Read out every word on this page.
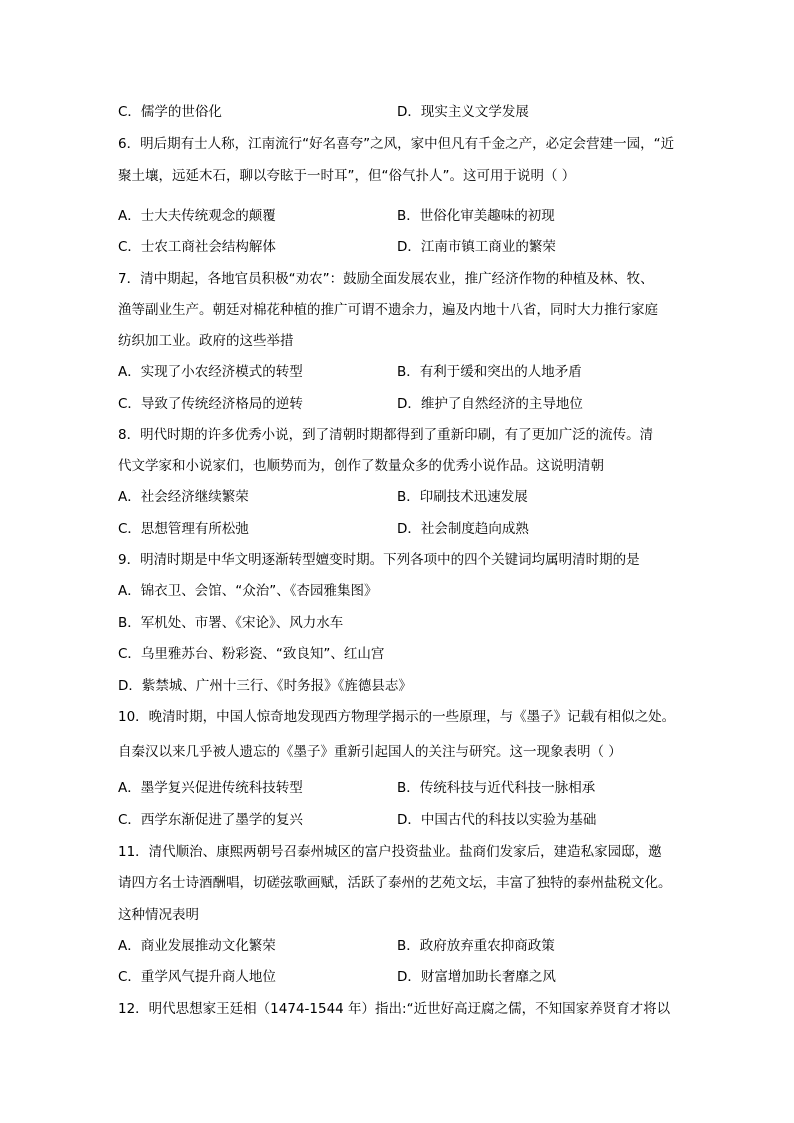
C．儒学的世俗化	D．现实主义文学发展
6．明后期有士人称，江南流行“好名喜夸”之风，家中但凡有千金之产，必定会营建一园，“近
聚土壤，远延木石，聊以夸眩于一时耳”，但“俗气扑人”。这可用于说明（ ）
A．士大夫传统观念的颠覆	B．世俗化审美趣味的初现
C．士农工商社会结构解体	D．江南市镇工商业的繁荣
7．清中期起，各地官员积极“劝农”：鼓励全面发展农业，推广经济作物的种植及林、牧、
渔等副业生产。朝廷对棉花种植的推广可谓不遗余力，遍及内地十八省，同时大力推行家庭
纺织加工业。政府的这些举措
A．实现了小农经济模式的转型	B．有利于缓和突出的人地矛盾
C．导致了传统经济格局的逆转	D．维护了自然经济的主导地位
8．明代时期的许多优秀小说，到了清朝时期都得到了重新印刷，有了更加广泛的流传。清
代文学家和小说家们，也顺势而为，创作了数量众多的优秀小说作品。这说明清朝
A．社会经济继续繁荣	B．印刷技术迅速发展
C．思想管理有所松弛	D．社会制度趋向成熟
9．明清时期是中华文明逐渐转型嬗变时期。下列各项中的四个关键词均属明清时期的是
A．锦衣卫、会馆、“众治”、《杏园雅集图》
B．军机处、市署、《宋论》、风力水车
C．乌里雅苏台、粉彩瓷、“致良知”、红山宫
D．紫禁城、广州十三行、《时务报》《旌德县志》
10．晚清时期，中国人惊奇地发现西方物理学揭示的一些原理，与《墨子》记载有相似之处。
自秦汉以来几乎被人遗忘的《墨子》重新引起国人的关注与研究。这一现象表明（ ）
A．墨学复兴促进传统科技转型	B．传统科技与近代科技一脉相承
C．西学东渐促进了墨学的复兴	D．中国古代的科技以实验为基础
11．清代顺治、康熙两朝号召泰州城区的富户投资盐业。盐商们发家后，建造私家园邸，邀
请四方名士诗酒酬唱，切磋弦歌画赋，活跃了泰州的艺苑文坛，丰富了独特的泰州盐税文化。
这种情况表明
A．商业发展推动文化繁荣	B．政府放弃重农抑商政策
C．重学风气提升商人地位	D．财富增加助长奢靡之风
12．明代思想家王廷相（1474-1544 年）指出:“近世好高迂腐之儒，不知国家养贤育才将以
